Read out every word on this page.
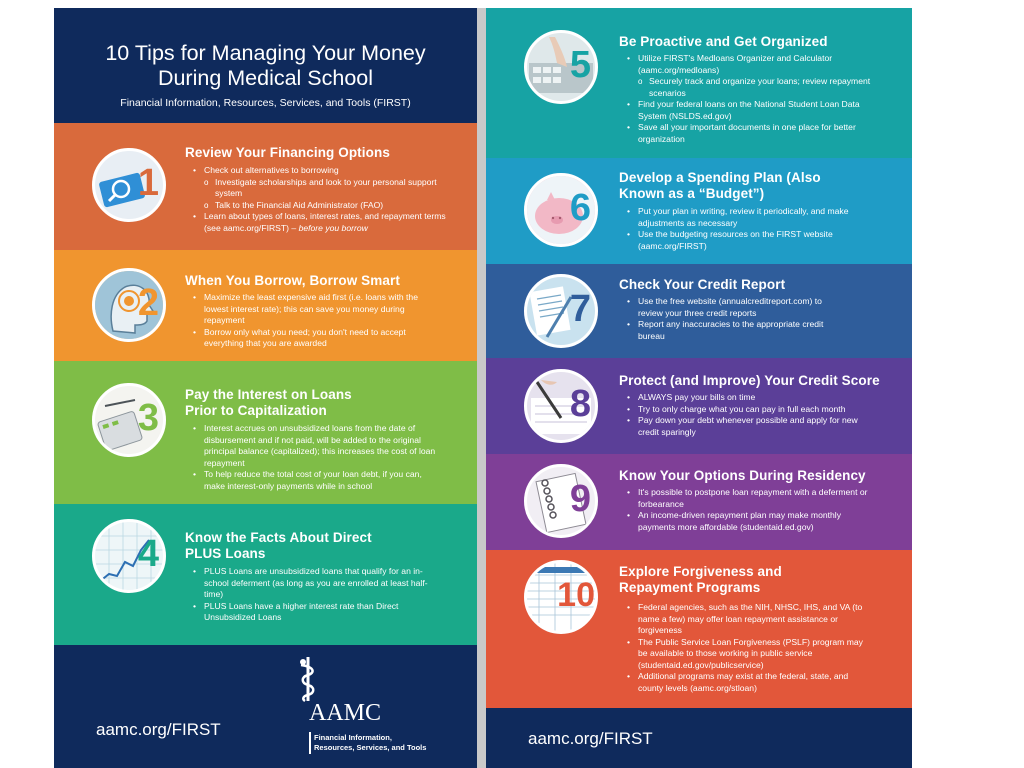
10 Tips for Managing Your Money During Medical School
Financial Information, Resources, Services, and Tools (FIRST)
1
Review Your Financing Options
• Check out alternatives to borrowing
o Investigate scholarships and look to your personal support system
o Talk to the Financial Aid Administrator (FAO)
• Learn about types of loans, interest rates, and repayment terms (see aamc.org/FIRST) – before you borrow
2
When You Borrow, Borrow Smart
• Maximize the least expensive aid first (i.e. loans with the lowest interest rate); this can save you money during repayment
• Borrow only what you need; you don't need to accept everything that you are awarded
3
Pay the Interest on Loans Prior to Capitalization
• Interest accrues on unsubsidized loans from the date of disbursement and if not paid, will be added to the original principal balance (capitalized); this increases the cost of loan repayment
• To help reduce the total cost of your loan debt, if you can, make interest-only payments while in school
4 Know the Facts About Direct PLUS Loans
• PLUS Loans are unsubsidized loans that qualify for an in-school deferment (as long as you are enrolled at least half-time)
• PLUS Loans have a higher interest rate than Direct Unsubsidized Loans
aamc.org/FIRST
AAMC
Financial Information,
Resources, Services, and Tools
5
Be Proactive and Get Organized
• Utilize FIRST's Medloans Organizer and Calculator (aamc.org/medloans)
o Securely track and organize your loans; review repayment scenarios
• Find your federal loans on the National Student Loan Data System (NSLDS.ed.gov)
• Save all your important documents in one place for better organization
6
Develop a Spending Plan (Also Known as a “Budget”)
• Put your plan in writing, review it periodically, and make adjustments as necessary
• Use the budgeting resources on the FIRST website (aamc.org/FIRST)
7
Check Your Credit Report
• Use the free website (annualcreditreport.com) to review your three credit reports
• Report any inaccuracies to the appropriate credit bureau
8
Protect (and Improve) Your Credit Score
• ALWAYS pay your bills on time
• Try to only charge what you can pay in full each month
• Pay down your debt whenever possible and apply for new credit sparingly
9
Know Your Options During Residency
• It's possible to postpone loan repayment with a deferment or forbearance
• An income-driven repayment plan may make monthly payments more affordable (studentaid.ed.gov)
10
Explore Forgiveness and Repayment Programs
• Federal agencies, such as the NIH, NHSC, IHS, and VA (to name a few) may offer loan repayment assistance or forgiveness
• The Public Service Loan Forgiveness (PSLF) program may be available to those working in public service (studentaid.ed.gov/publicservice)
• Additional programs may exist at the federal, state, and county levels (aamc.org/stloan)
aamc.org/FIRST
